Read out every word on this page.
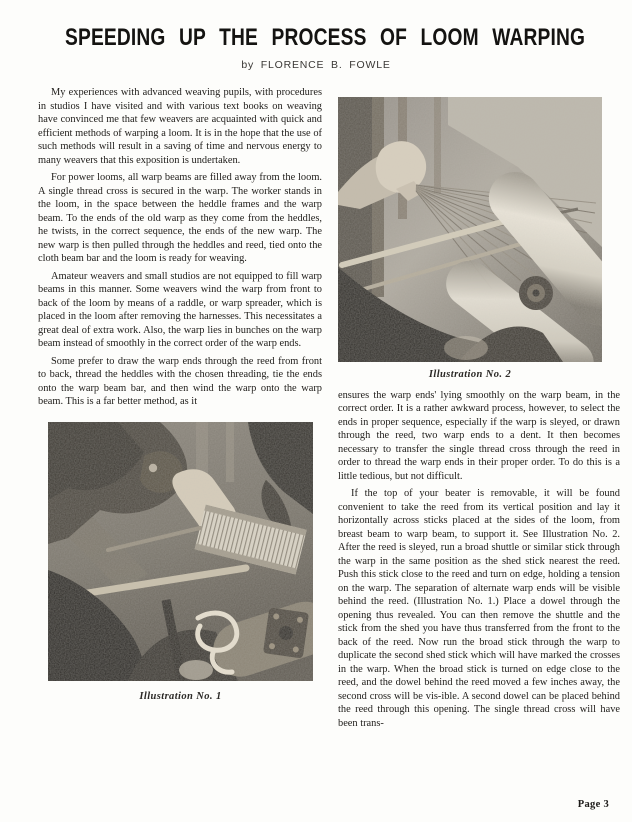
SPEEDING UP THE PROCESS OF LOOM WARPING
by FLORENCE B. FOWLE

My experiences with advanced weaving pupils, with procedures in studios I have visited and with various text books on weaving have convinced me that few weavers are acquainted with quick and efficient methods of warping a loom. It is in the hope that the use of such methods will result in a saving of time and nervous energy to many weavers that this exposition is undertaken.

For power looms, all warp beams are filled away from the loom. A single thread cross is secured in the warp. The worker stands in the loom, in the space between the heddle frames and the warp beam. To the ends of the old warp as they come from the heddles, he twists, in the correct sequence, the ends of the new warp. The new warp is then pulled through the heddles and reed, tied onto the cloth beam bar and the loom is ready for weaving.

Amateur weavers and small studios are not equipped to fill warp beams in this manner. Some weavers wind the warp from front to back of the loom by means of a raddle, or warp spreader, which is placed in the loom after removing the harnesses. This necessitates a great deal of extra work. Also, the warp lies in bunches on the warp beam instead of smoothly in the correct order of the warp ends.

Some prefer to draw the warp ends through the reed from front to back, thread the heddles with the chosen threading, tie the ends onto the warp beam bar, and then wind the warp onto the warp beam. This is a far better method, as it

Illustration No. 1
Illustration No. 2

ensures the warp ends' lying smoothly on the warp beam, in the correct order. It is a rather awkward process, however, to select the ends in proper sequence, especially if the warp is sleyed, or drawn through the reed, two warp ends to a dent. It then becomes necessary to transfer the single thread cross through the reed in order to thread the warp ends in their proper order. To do this is a little tedious, but not difficult.

If the top of your beater is removable, it will be found convenient to take the reed from its vertical position and lay it horizontally across sticks placed at the sides of the loom, from breast beam to warp beam, to support it. See Illustration No. 2. After the reed is sleyed, run a broad shuttle or similar stick through the warp in the same position as the shed stick nearest the reed. Push this stick close to the reed and turn on edge, holding a tension on the warp. The separation of alternate warp ends will be visible behind the reed. (Illustration No. 1.) Place a dowel through the opening thus revealed. You can then remove the shuttle and the stick from the shed you have thus transferred from the front to the back of the reed. Now run the broad stick through the warp to duplicate the second shed stick which will have marked the crosses in the warp. When the broad stick is turned on edge close to the reed, and the dowel behind the reed moved a few inches away, the second cross will be vis-ible. A second dowel can be placed behind the reed through this opening. The single thread cross will have been trans-

Page 3
